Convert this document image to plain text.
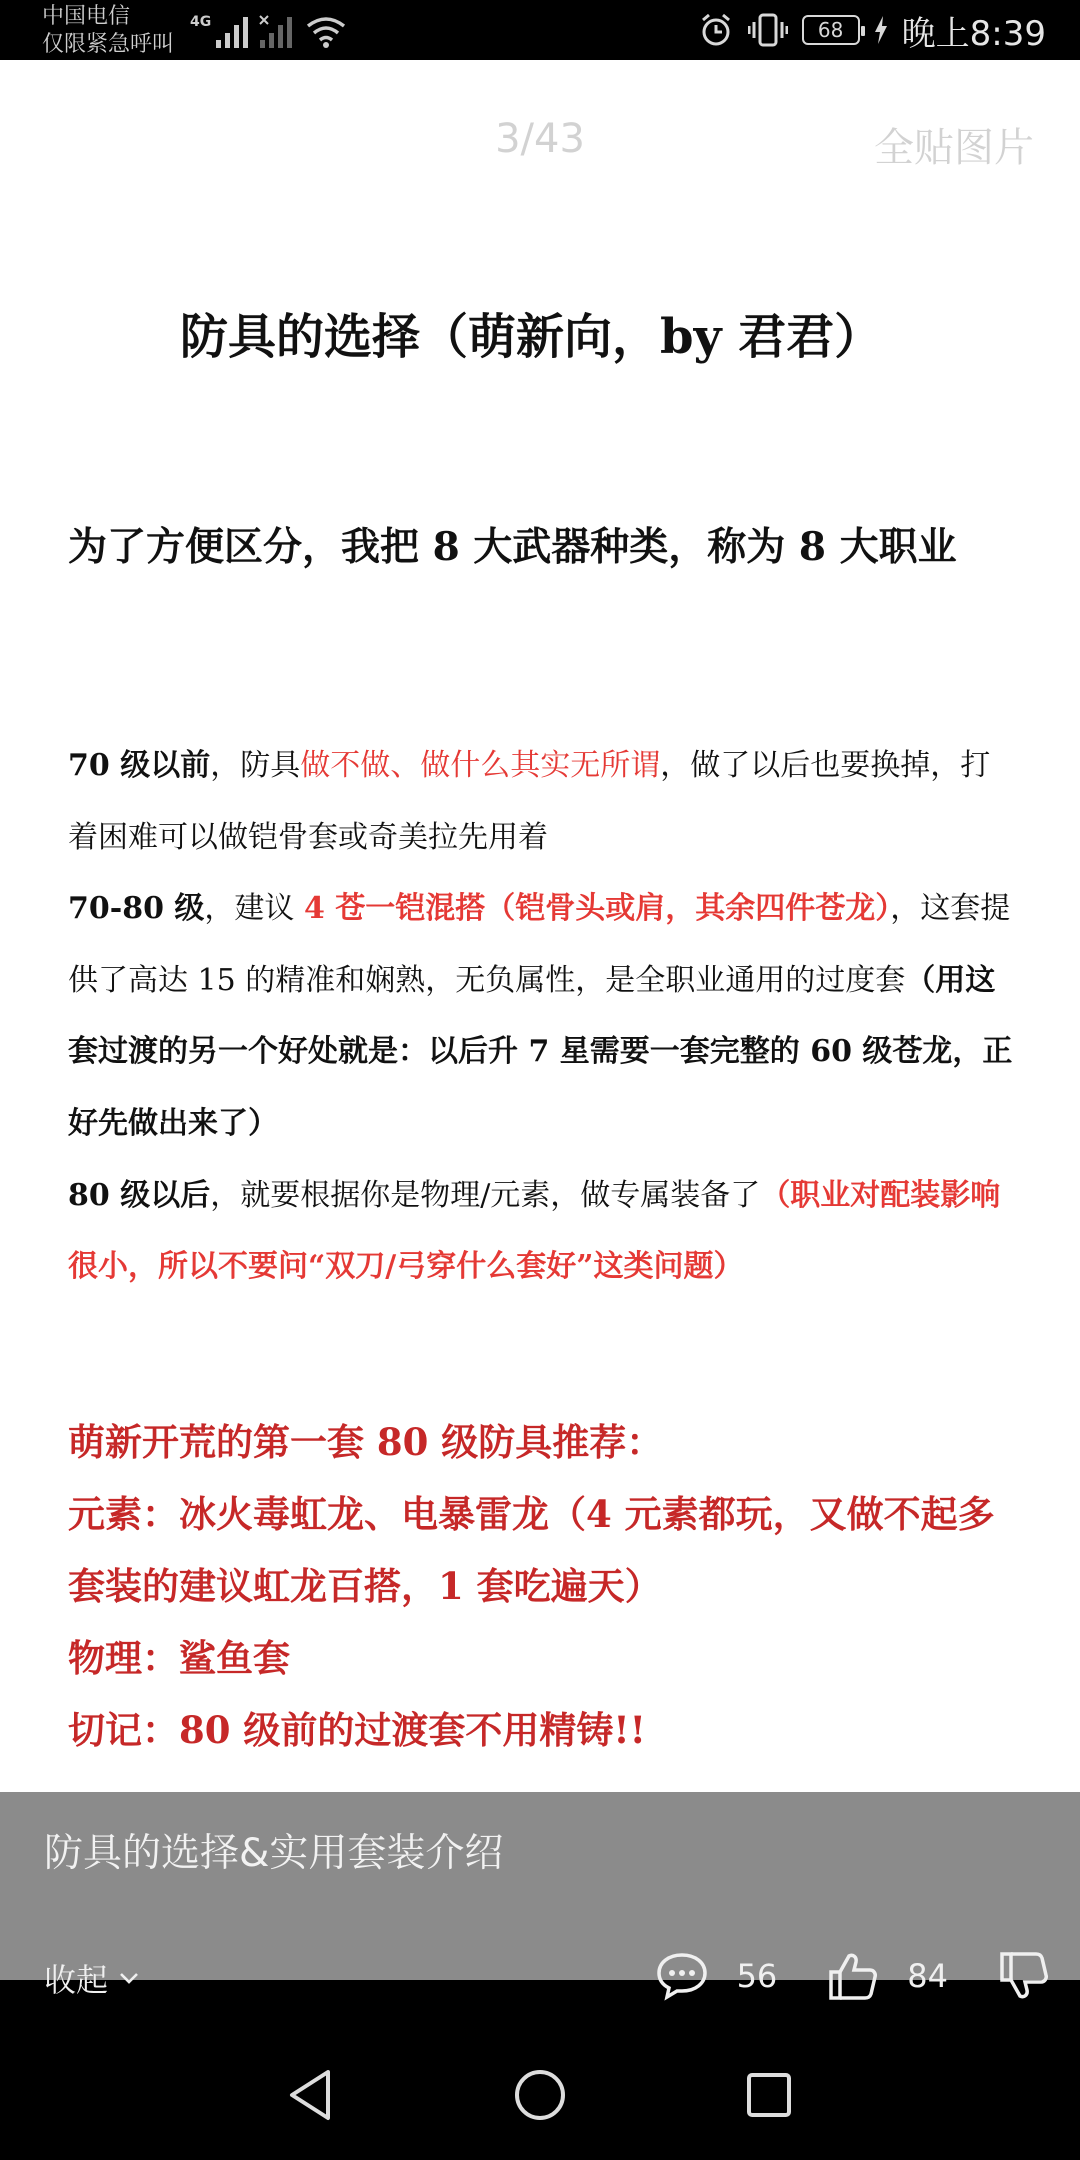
中国电信
仅限紧急呼叫
4G	68	晚上8:39
3/43	全贴图片
防具的选择（萌新向，by 君君）
为了方便区分，我把 8 大武器种类，称为 8 大职业
70 级以前，防具做不做、做什么其实无所谓，做了以后也要换掉，打着困难可以做铠骨套或奇美拉先用着
70-80 级，建议 4 苍一铠混搭（铠骨头或肩，其余四件苍龙），这套提供了高达 15 的精准和娴熟，无负属性，是全职业通用的过度套（用这套过渡的另一个好处就是：以后升 7 星需要一套完整的 60 级苍龙，正好先做出来了）
80 级以后，就要根据你是物理/元素，做专属装备了（职业对配装影响很小，所以不要问“双刀/弓穿什么套好”这类问题）
萌新开荒的第一套 80 级防具推荐：
元素：冰火毒虹龙、电暴雷龙（4 元素都玩，又做不起多套装的建议虹龙百搭，1 套吃遍天）
物理：鲨鱼套
切记：80 级前的过渡套不用精铸!!
防具的选择&实用套装介绍
收起	56	84
